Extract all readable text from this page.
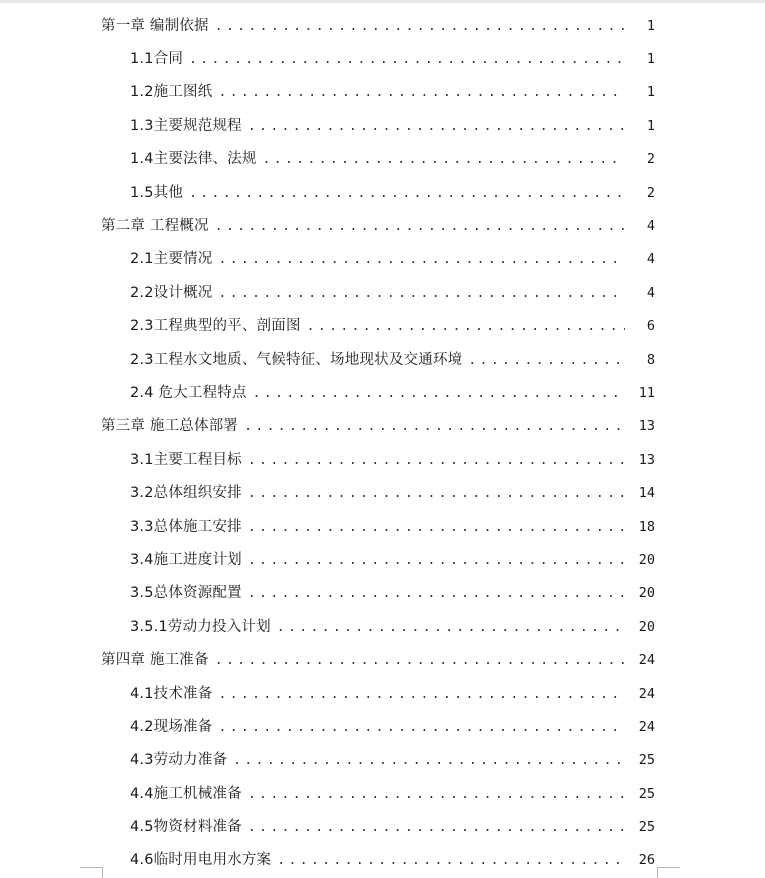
第一章 编制依据 .....	1
1.1合同 .....	1
1.2施工图纸 .....	1
1.3主要规范规程 .....	1
1.4主要法律、法规 .....	2
1.5其他 .....	2
第二章 工程概况 .....	4
2.1主要情况 .....	4
2.2设计概况 .....	4
2.3工程典型的平、剖面图 .....	6
2.3工程水文地质、气候特征、场地现状及交通环境 .....	8
2.4 危大工程特点 .....	11
第三章 施工总体部署 .....	13
3.1主要工程目标 .....	13
3.2总体组织安排 .....	14
3.3总体施工安排 .....	18
3.4施工进度计划 .....	20
3.5总体资源配置 .....	20
3.5.1劳动力投入计划 .....	20
第四章 施工准备 .....	24
4.1技术准备 .....	24
4.2现场准备 .....	24
4.3劳动力准备 .....	25
4.4施工机械准备 .....	25
4.5物资材料准备 .....	25
4.6临时用电用水方案 .....	26
